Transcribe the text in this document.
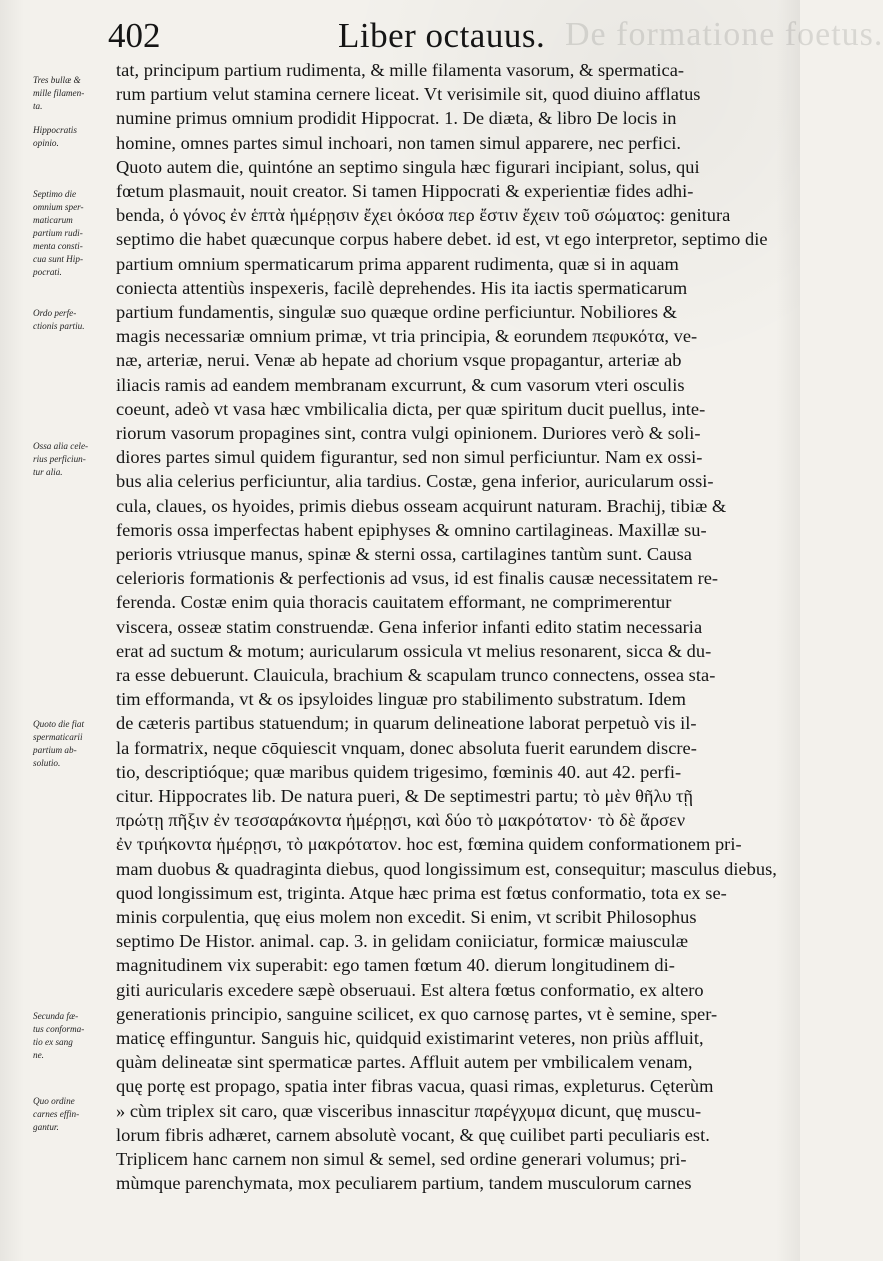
De formatione foetus.
402	Liber octauus.
Tres bullæ &
mille filamen-
ta.
Hippocratis
opinio.
Septimo die
omnium sper-
maticarum
partium rudi-
menta consti-
cua sunt Hip-
pocrati.
Ordo perfe-
ctionis partiu.
Ossa alia cele-
rius perficiun-
tur alia.
Quoto die fiat
spermaticarii
partium ab-
solutio.
Secunda fæ-
tus conforma-
tio ex sang
ne.
Quo ordine
carnes effin-
gantur.
tat, principum partium rudimenta, & mille filamenta vasorum, & spermatica-
rum partium velut stamina cernere liceat. Vt verisimile sit, quod diuino afflatus
numine primus omnium prodidit Hippocrat. 1. De diæta, & libro De locis in
homine, omnes partes simul inchoari, non tamen simul apparere, nec perfici.
Quoto autem die, quintóne an septimo singula hæc figurari incipiant, solus, qui
fœtum plasmauit, nouit creator. Si tamen Hippocrati & experientiæ fides adhi-
benda, ὁ γόνος ἐν ἑπτὰ ἡμέρῃσιν ἔχει ὁκόσα περ ἔστιν ἔχειν τοῦ σώματος: genitura
septimo die habet quæcunque corpus habere debet. id est, vt ego interpretor, septimo die
partium omnium spermaticarum prima apparent rudimenta, quæ si in aquam
coniecta attentiùs inspexeris, facilè deprehendes. His ita iactis spermaticarum
partium fundamentis, singulæ suo quæque ordine perficiuntur. Nobiliores &
magis necessariæ omnium primæ, vt tria principia, & eorundem πεφυκότα, ve-
næ, arteriæ, nerui. Venæ ab hepate ad chorium vsque propagantur, arteriæ ab
iliacis ramis ad eandem membranam excurrunt, & cum vasorum vteri osculis
coeunt, adeò vt vasa hæc vmbilicalia dicta, per quæ spiritum ducit puellus, inte-
riorum vasorum propagines sint, contra vulgi opinionem. Duriores verò & soli-
diores partes simul quidem figurantur, sed non simul perficiuntur. Nam ex ossi-
bus alia celerius perficiuntur, alia tardius. Costæ, gena inferior, auricularum ossi-
cula, claues, os hyoides, primis diebus osseam acquirunt naturam. Brachij, tibiæ &
femoris ossa imperfectas habent epiphyses & omnino cartilagineas. Maxillæ su-
perioris vtriusque manus, spinæ & sterni ossa, cartilagines tantùm sunt. Causa
celerioris formationis & perfectionis ad vsus, id est finalis causæ necessitatem re-
ferenda. Costæ enim quia thoracis cauitatem efformant, ne comprimerentur
viscera, osseæ statim construendæ. Gena inferior infanti edito statim necessaria
erat ad suctum & motum; auricularum ossicula vt melius resonarent, sicca & du-
ra esse debuerunt. Clauicula, brachium & scapulam trunco connectens, ossea sta-
tim efformanda, vt & os ipsyloides linguæ pro stabilimento substratum. Idem
de cæteris partibus statuendum; in quarum delineatione laborat perpetuò vis il-
la formatrix, neque cōquiescit vnquam, donec absoluta fuerit earundem discre-
tio, descriptióque; quæ maribus quidem trigesimo, fœminis 40. aut 42. perfi-
citur. Hippocrates lib. De natura pueri, & De septimestri partu; τὸ μὲν θῆλυ τῇ
πρώτῃ πῆξιν ἐν τεσσαράκοντα ἡμέρῃσι, καὶ δύο τὸ μακρότατον· τὸ δὲ ἄρσεν
ἐν τριήκοντα ἡμέρῃσι, τὸ μακρότατον. hoc est, fœmina quidem conformationem pri-
mam duobus & quadraginta diebus, quod longissimum est, consequitur; masculus diebus,
quod longissimum est, triginta. Atque hæc prima est fœtus conformatio, tota ex se-
minis corpulentia, quę eius molem non excedit. Si enim, vt scribit Philosophus
septimo De Histor. animal. cap. 3. in gelidam coniiciatur, formicæ maiusculæ
magnitudinem vix superabit: ego tamen fœtum 40. dierum longitudinem di-
giti auricularis excedere sæpè obseruaui. Est altera fœtus conformatio, ex altero
generationis principio, sanguine scilicet, ex quo carnosę partes, vt è semine, sper-
maticę effinguntur. Sanguis hic, quidquid existimarint veteres, non priùs affluit,
quàm delineatæ sint spermaticæ partes. Affluit autem per vmbilicalem venam,
quę portę est propago, spatia inter fibras vacua, quasi rimas, expleturus. Cęterùm
» cùm triplex sit caro, quæ visceribus innascitur παρέγχυμα dicunt, quę muscu-
lorum fibris adhæret, carnem absolutè vocant, & quę cuilibet parti peculiaris est.
Triplicem hanc carnem non simul & semel, sed ordine generari volumus; pri-
mùmque parenchymata, mox peculiarem partium, tandem musculorum carnes
